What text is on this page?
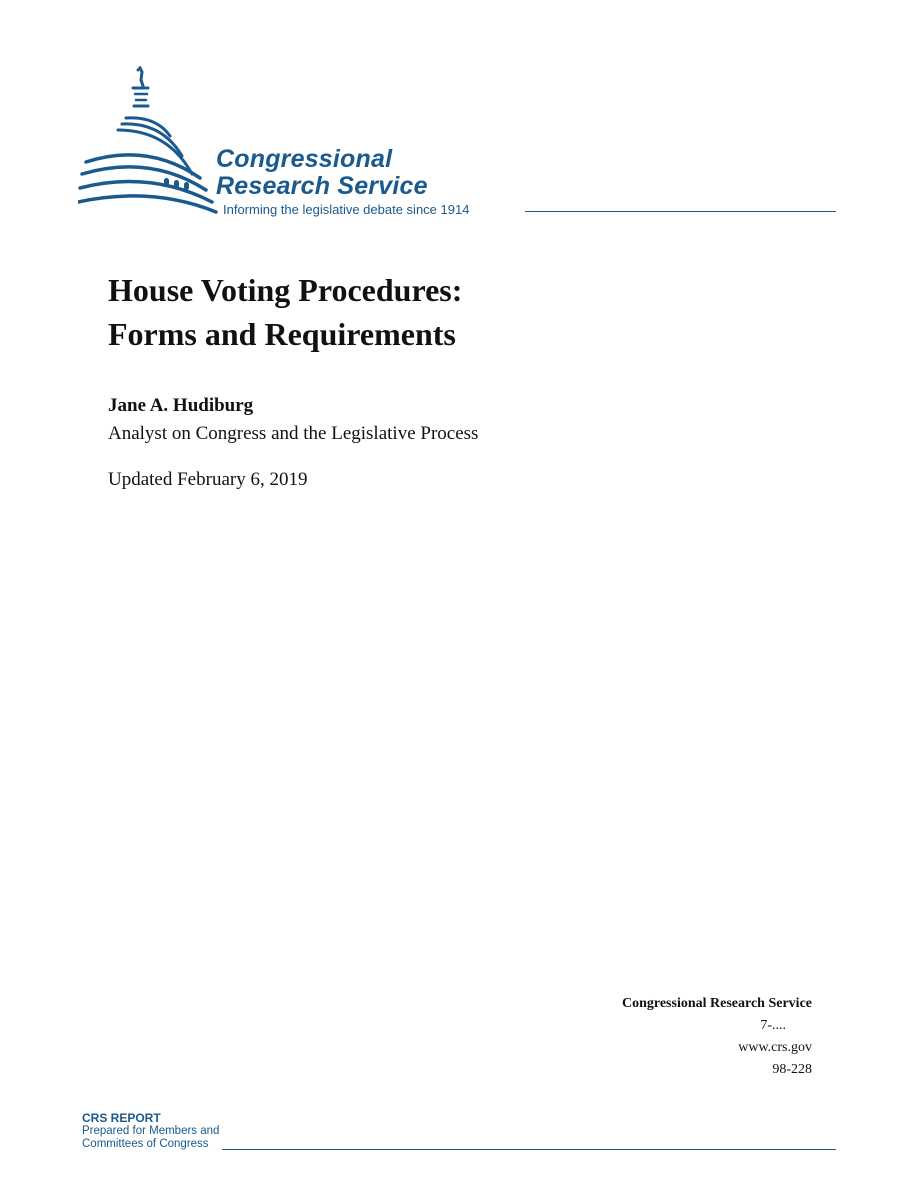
Congressional
Research Service
Informing the legislative debate since 1914
House Voting Procedures:
Forms and Requirements
Jane A. Hudiburg
Analyst on Congress and the Legislative Process
Updated February 6, 2019
Congressional Research Service
7-....
www.crs.gov
98-228
CRS REPORT
Prepared for Members and
Committees of Congress
